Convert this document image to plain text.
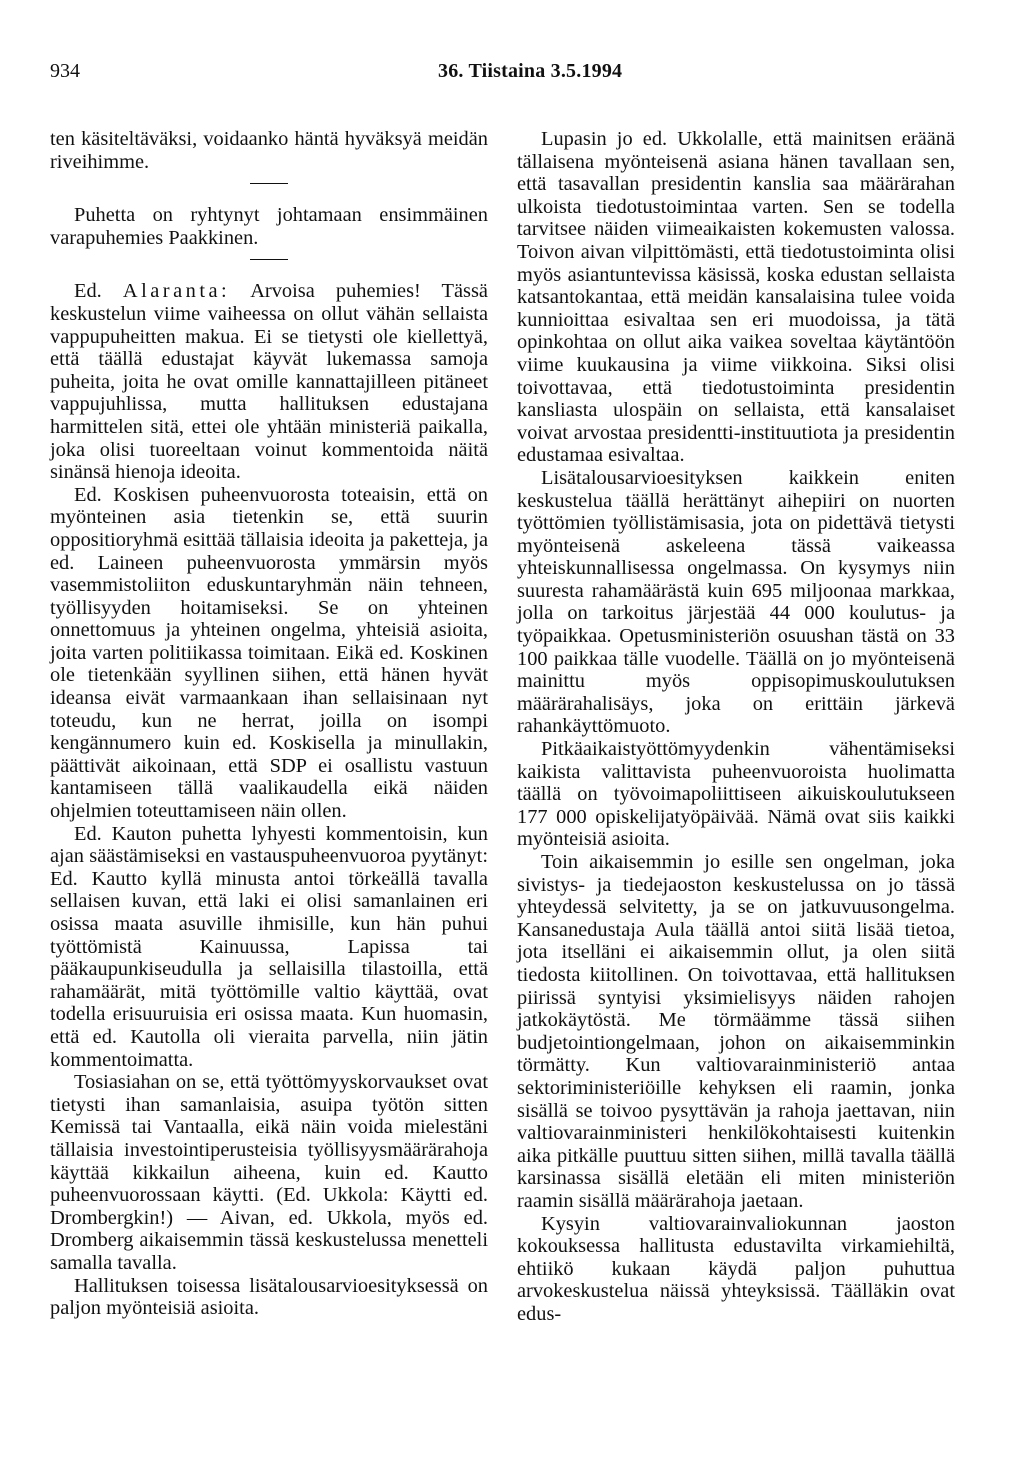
934	36. Tiistaina 3.5.1994

ten käsiteltäväksi, voidaanko häntä hyväksyä meidän riveihimme.

Puhetta on ryhtynyt johtamaan ensimmäinen varapuhemies Paakkinen.

Ed. Alaranta: Arvoisa puhemies! Tässä keskustelun viime vaiheessa on ollut vähän sellaista vappupuheitten makua. Ei se tietysti ole kiellettyä, että täällä edustajat käyvät lukemassa samoja puheita, joita he ovat omille kannattajilleen pitäneet vappujuhlissa, mutta hallituksen edustajana harmittelen sitä, ettei ole yhtään ministeriä paikalla, joka olisi tuoreeltaan voinut kommentoida näitä sinänsä hienoja ideoita.

Ed. Koskisen puheenvuorosta toteaisin, että on myönteinen asia tietenkin se, että suurin oppositioryhmä esittää tällaisia ideoita ja paketteja, ja ed. Laineen puheenvuorosta ymmärsin myös vasemmistoliiton eduskuntaryhmän näin tehneen, työllisyyden hoitamiseksi. Se on yhteinen onnettomuus ja yhteinen ongelma, yhteisiä asioita, joita varten politiikassa toimitaan. Eikä ed. Koskinen ole tietenkään syyllinen siihen, että hänen hyvät ideansa eivät varmaankaan ihan sellaisinaan nyt toteudu, kun ne herrat, joilla on isompi kengännumero kuin ed. Koskisella ja minullakin, päättivät aikoinaan, että SDP ei osallistu vastuun kantamiseen tällä vaalikaudella eikä näiden ohjelmien toteuttamiseen näin ollen.

Ed. Kauton puhetta lyhyesti kommentoisin, kun ajan säästämiseksi en vastauspuheenvuoroa pyytänyt: Ed. Kautto kyllä minusta antoi törkeällä tavalla sellaisen kuvan, että laki ei olisi samanlainen eri osissa maata asuville ihmisille, kun hän puhui työttömistä Kainuussa, Lapissa tai pääkaupunkiseudulla ja sellaisilla tilastoilla, että rahamäärät, mitä työttömille valtio käyttää, ovat todella erisuuruisia eri osissa maata. Kun huomasin, että ed. Kautolla oli vieraita parvella, niin jätin kommentoimatta.

Tosiasiahan on se, että työttömyyskorvaukset ovat tietysti ihan samanlaisia, asuipa työtön sitten Kemissä tai Vantaalla, eikä näin voida mielestäni tällaisia investointiperusteisia työllisyysmäärärahoja käyttää kikkailun aiheena, kuin ed. Kautto puheenvuorossaan käytti. (Ed. Ukkola: Käytti ed. Drombergkin!) — Aivan, ed. Ukkola, myös ed. Dromberg aikaisemmin tässä keskustelussa menetteli samalla tavalla.

Hallituksen toisessa lisätalousarvioesityksessä on paljon myönteisiä asioita.

Lupasin jo ed. Ukkolalle, että mainitsen eräänä tällaisena myönteisenä asiana hänen tavallaan sen, että tasavallan presidentin kanslia saa määrärahan ulkoista tiedotustoimintaa varten. Sen se todella tarvitsee näiden viimeaikaisten kokemusten valossa. Toivon aivan vilpittömästi, että tiedotustoiminta olisi myös asiantuntevissa käsissä, koska edustan sellaista katsantokantaa, että meidän kansalaisina tulee voida kunnioittaa esivaltaa sen eri muodoissa, ja tätä opinkohtaa on ollut aika vaikea soveltaa käytäntöön viime kuukausina ja viime viikkoina. Siksi olisi toivottavaa, että tiedotustoiminta presidentin kansliasta ulospäin on sellaista, että kansalaiset voivat arvostaa presidentti-instituutiota ja presidentin edustamaa esivaltaa.

Lisätalousarvioesityksen kaikkein eniten keskustelua täällä herättänyt aihepiiri on nuorten työttömien työllistämisasia, jota on pidettävä tietysti myönteisenä askeleena tässä vaikeassa yhteiskunnallisessa ongelmassa. On kysymys niin suuresta rahamäärästä kuin 695 miljoonaa markkaa, jolla on tarkoitus järjestää 44 000 koulutus- ja työpaikkaa. Opetusministeriön osuushan tästä on 33 100 paikkaa tälle vuodelle. Täällä on jo myönteisenä mainittu myös oppisopimuskoulutuksen määrärahalisäys, joka on erittäin järkevä rahankäyttömuoto.

Pitkäaikaistyöttömyydenkin vähentämiseksi kaikista valittavista puheenvuoroista huolimatta täällä on työvoimapoliittiseen aikuiskoulutukseen 177 000 opiskelijatyöpäivää. Nämä ovat siis kaikki myönteisiä asioita.

Toin aikaisemmin jo esille sen ongelman, joka sivistys- ja tiedejaoston keskustelussa on jo tässä yhteydessä selvitetty, ja se on jatkuvuusongelma. Kansanedustaja Aula täällä antoi siitä lisää tietoa, jota itselläni ei aikaisemmin ollut, ja olen siitä tiedosta kiitollinen. On toivottavaa, että hallituksen piirissä syntyisi yksimielisyys näiden rahojen jatkokäytöstä. Me törmäämme tässä siihen budjetointiongelmaan, johon on aikaisemminkin törmätty. Kun valtiovarainministeriö antaa sektoriministeriöille kehyksen eli raamin, jonka sisällä se toivoo pysyttävän ja rahoja jaettavan, niin valtiovarainministeri henkilökohtaisesti kuitenkin aika pitkälle puuttuu sitten siihen, millä tavalla täällä karsinassa sisällä eletään eli miten ministeriön raamin sisällä määrärahoja jaetaan.

Kysyin valtiovarainvaliokunnan jaoston kokouksessa hallitusta edustavilta virkamiehiltä, ehtiikö kukaan käydä paljon puhuttua arvokeskustelua näissä yhteyksissä. Täälläkin ovat edus-
